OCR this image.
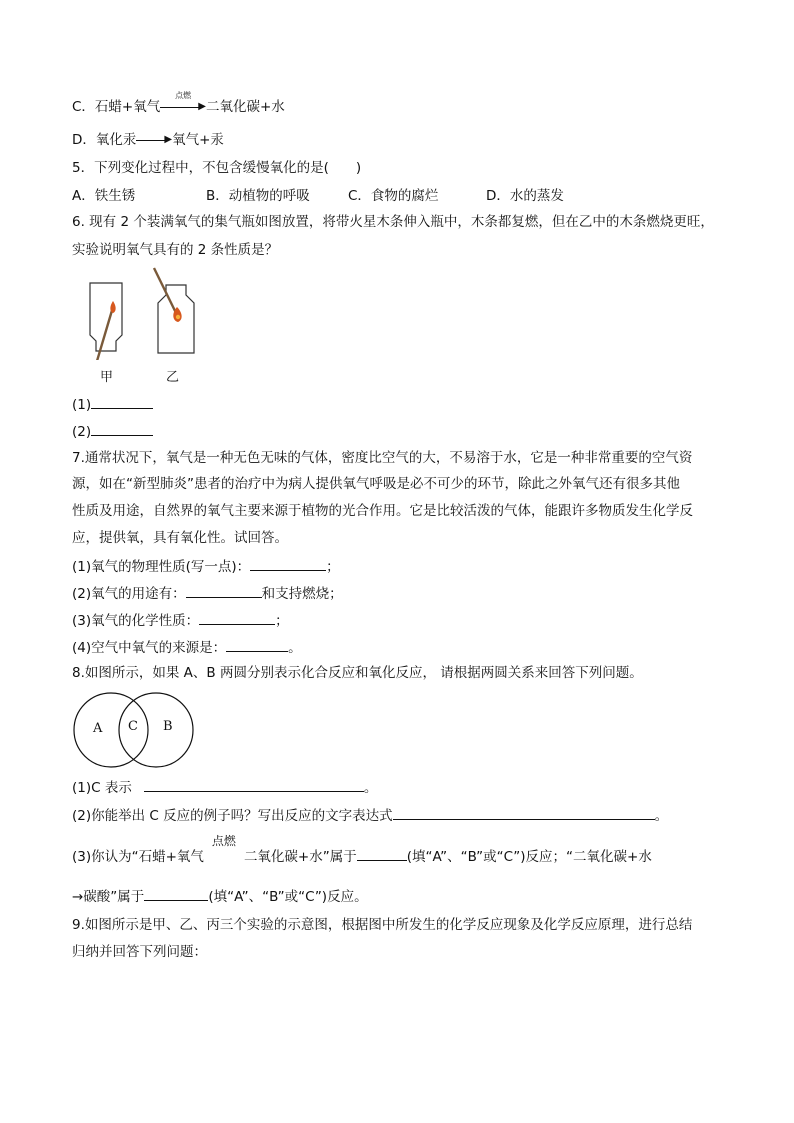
C．石蜡+氧气
点燃
▶二氧化碳+水
D．氧化汞	▶氧气+汞
5．下列变化过程中，不包含缓慢氧化的是(　　)
A．铁生锈	B．动植物的呼吸	C．食物的腐烂	D．水的蒸发
6. 现有 2 个装满氧气的集气瓶如图放置，将带火星木条伸入瓶中，木条都复燃，但在乙中的木条燃烧更旺，
实验说明氧气具有的 2 条性质是？
甲	乙
(1)
(2)
7.通常状况下，氧气是一种无色无味的气体，密度比空气的大，不易溶于水，它是一种非常重要的空气资
源，如在“新型肺炎”患者的治疗中为病人提供氧气呼吸是必不可少的环节，除此之外氧气还有很多其他
性质及用途，自然界的氧气主要来源于植物的光合作用。它是比较活泼的气体，能跟许多物质发生化学反
应，提供氧，具有氧化性。试回答。
(1)氧气的物理性质(写一点)：	；
(2)氧气的用途有：	和支持燃烧；
(3)氧气的化学性质：	；
(4)空气中氧气的来源是：	。
8.如图所示，如果 A、B 两圆分别表示化合反应和氧化反应， 请根据两圆关系来回答下列问题。
A C B
(1)C 表示	。
(2)你能举出 C 反应的例子吗？写出反应的文字表达式	。
(3)你认为“石蜡+氧气
点燃
二氧化碳+水”属于	(填“A”、“B”或“C”)反应；“二氧化碳+水
→碳酸”属于	(填“A”、“B”或“C”)反应。
9.如图所示是甲、乙、丙三个实验的示意图，根据图中所发生的化学反应现象及化学反应原理，进行总结
归纳并回答下列问题：
